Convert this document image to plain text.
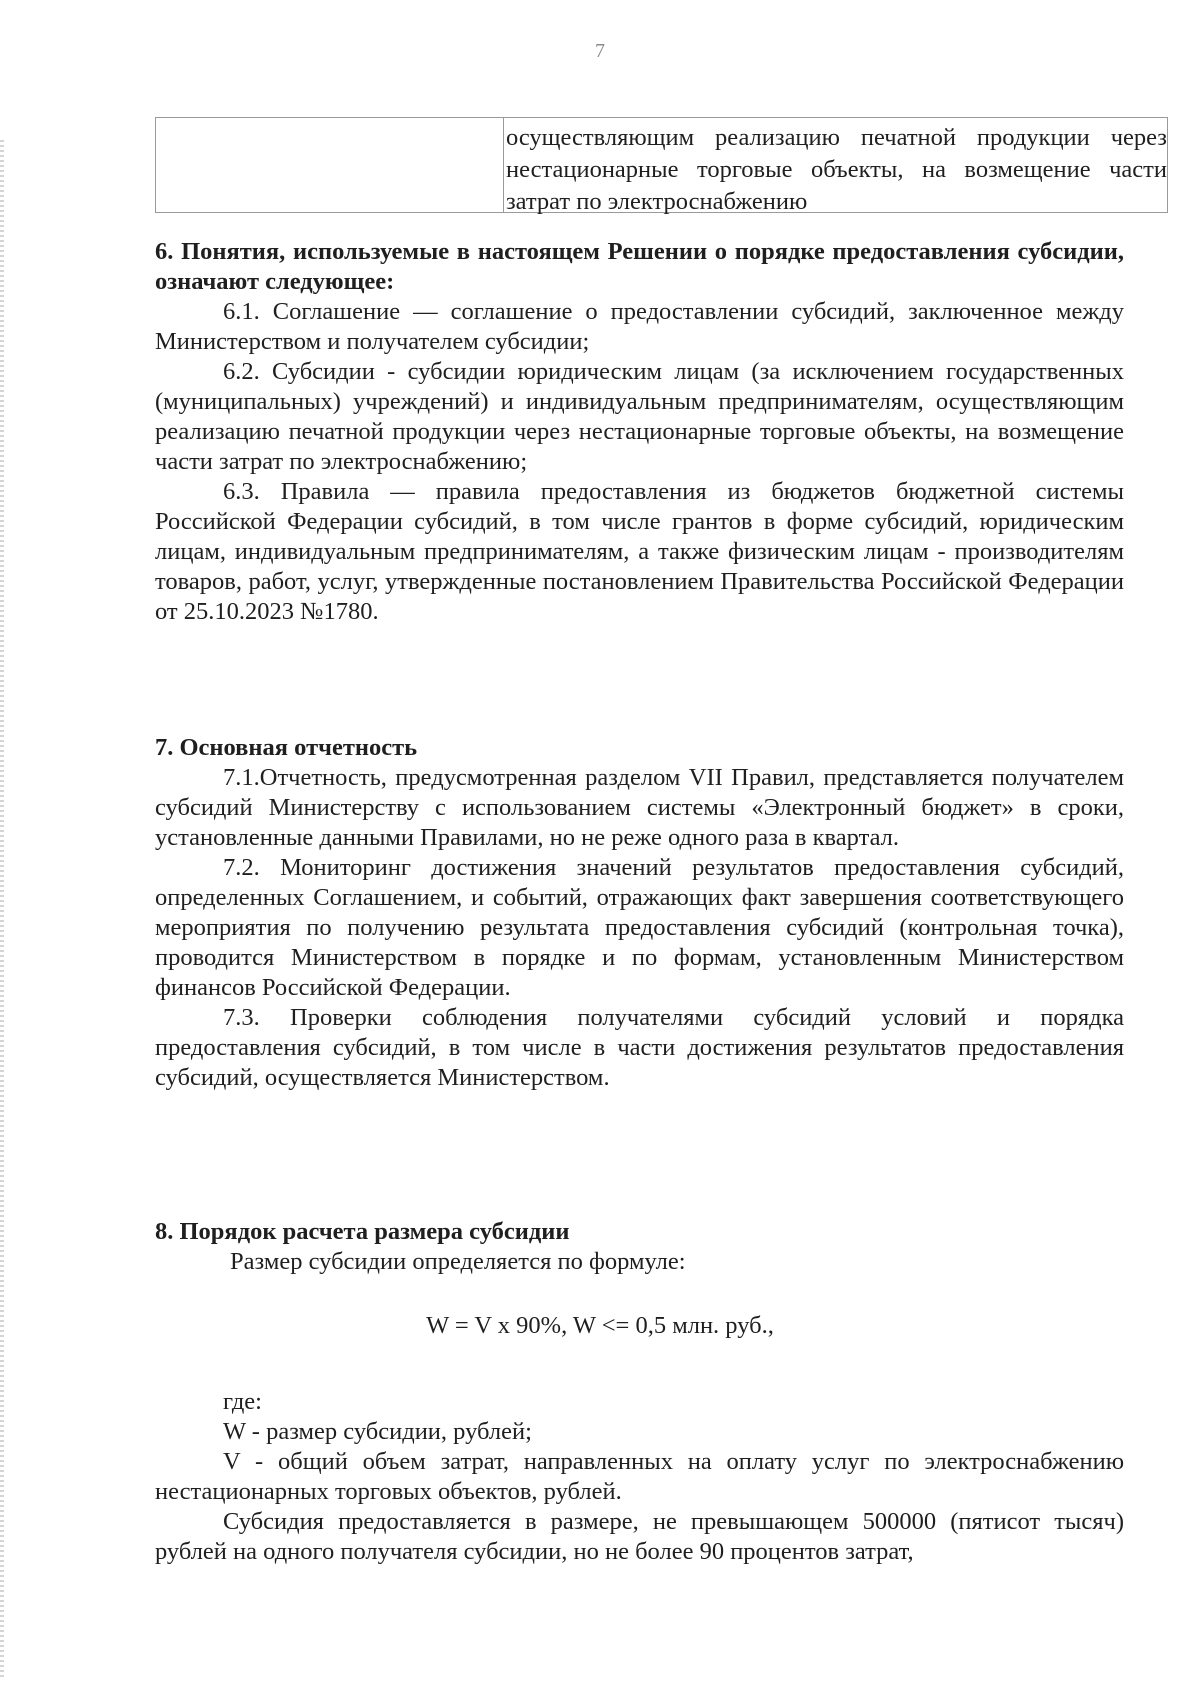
7
осуществляющим реализацию печатной продукции через нестационарные торговые объекты, на возмещение части затрат по электроснабжению
6. Понятия, используемые в настоящем Решении о порядке предоставления субсидии, означают следующее:

6.1. Соглашение — соглашение о предоставлении субсидий, заключенное между Министерством и получателем субсидии;

6.2. Субсидии - субсидии юридическим лицам (за исключением государственных (муниципальных) учреждений) и индивидуальным предпринимателям, осуществляющим реализацию печатной продукции через нестационарные торговые объекты, на возмещение части затрат по электроснабжению;

6.3. Правила — правила предоставления из бюджетов бюджетной системы Российской Федерации субсидий, в том числе грантов в форме субсидий, юридическим лицам, индивидуальным предпринимателям, а также физическим лицам - производителям товаров, работ, услуг, утвержденные постановлением Правительства Российской Федерации от 25.10.2023 №1780.

7. Основная отчетность

7.1.Отчетность, предусмотренная разделом VII Правил, представляется получателем субсидий Министерству с использованием системы «Электронный бюджет» в сроки, установленные данными Правилами, но не реже одного раза в квартал.

7.2. Мониторинг достижения значений результатов предоставления субсидий, определенных Соглашением, и событий, отражающих факт завершения соответствующего мероприятия по получению результата предоставления субсидий (контрольная точка), проводится Министерством в порядке и по формам, установленным Министерством финансов Российской Федерации.

7.3. Проверки соблюдения получателями субсидий условий и порядка предоставления субсидий, в том числе в части достижения результатов предоставления субсидий, осуществляется Министерством.

8. Порядок расчета размера субсидии

Размер субсидии определяется по формуле:

W = V x 90%, W <= 0,5 млн. руб.,

где:

W - размер субсидии, рублей;

V - общий объем затрат, направленных на оплату услуг по электроснабжению нестационарных торговых объектов, рублей.

Субсидия предоставляется в размере, не превышающем 500000 (пятисот тысяч) рублей на одного получателя субсидии, но не более 90 процентов затрат,
